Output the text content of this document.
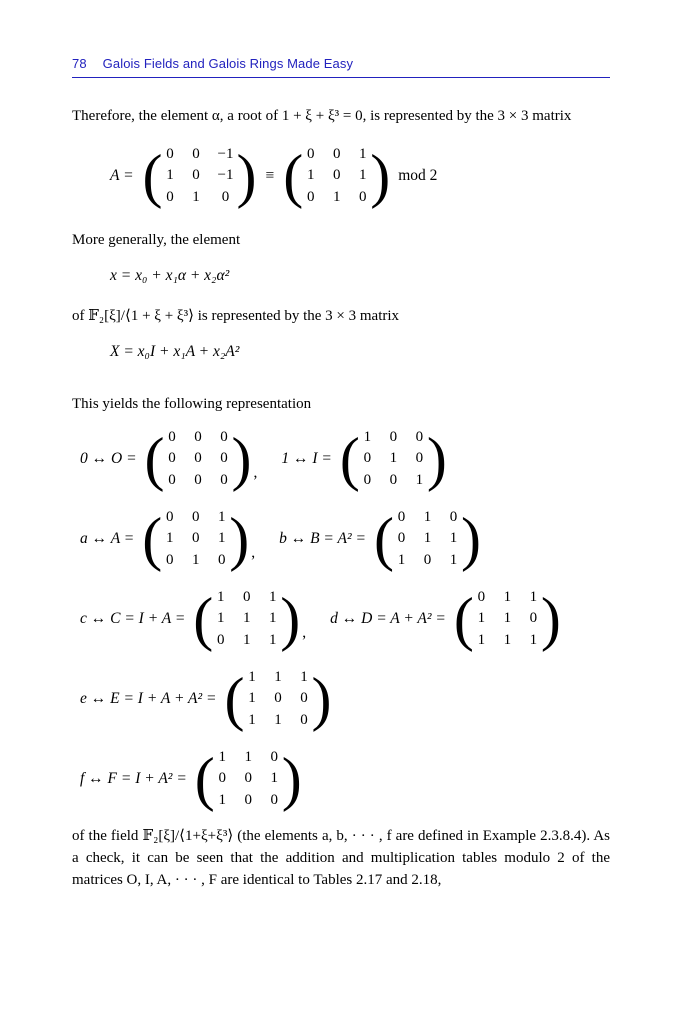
78 Galois Fields and Galois Rings Made Easy

Therefore, the element α, a root of 1 + ξ + ξ³ = 0, is represented by the 3 × 3 matrix

A = ( 0 0 −1
1 0 −1
0 1 0 ) ≡ ( 0 0 1
1 0 1
0 1 0 ) mod 2

More generally, the element

x = x₀ + x₁α + x₂α²

of 𝔽₂[ξ]/⟨1 + ξ + ξ³⟩ is represented by the 3 × 3 matrix

X = x₀I + x₁A + x₂A²

This yields the following representation

0 ↔ O = ( 0 0 0
0 0 0
0 0 0 ) ,
1 ↔ I = ( 1 0 0
0 1 0
0 0 1 )
a ↔ A = ( 0 0 1
1 0 1
0 1 0 ) ,
b ↔ B = A² = ( 0 1 0
0 1 1
1 0 1 )
c ↔ C = I + A = ( 1 0 1
1 1 1
0 1 1 ) ,
d ↔ D = A + A² = ( 0 1 1
1 1 0
1 1 1 )
e ↔ E = I + A + A² = ( 1 1 1
1 0 0
1 1 0 )
f ↔ F = I + A² = ( 1 1 0
0 0 1
1 0 0 )

of the field 𝔽₂[ξ]/⟨1+ξ+ξ³⟩ (the elements a, b, · · · , f are defined in Example 2.3.8.4). As a check, it can be seen that the addition and multiplication tables modulo 2 of the matrices O, I, A, · · · , F are identical to Tables 2.17 and 2.18,
